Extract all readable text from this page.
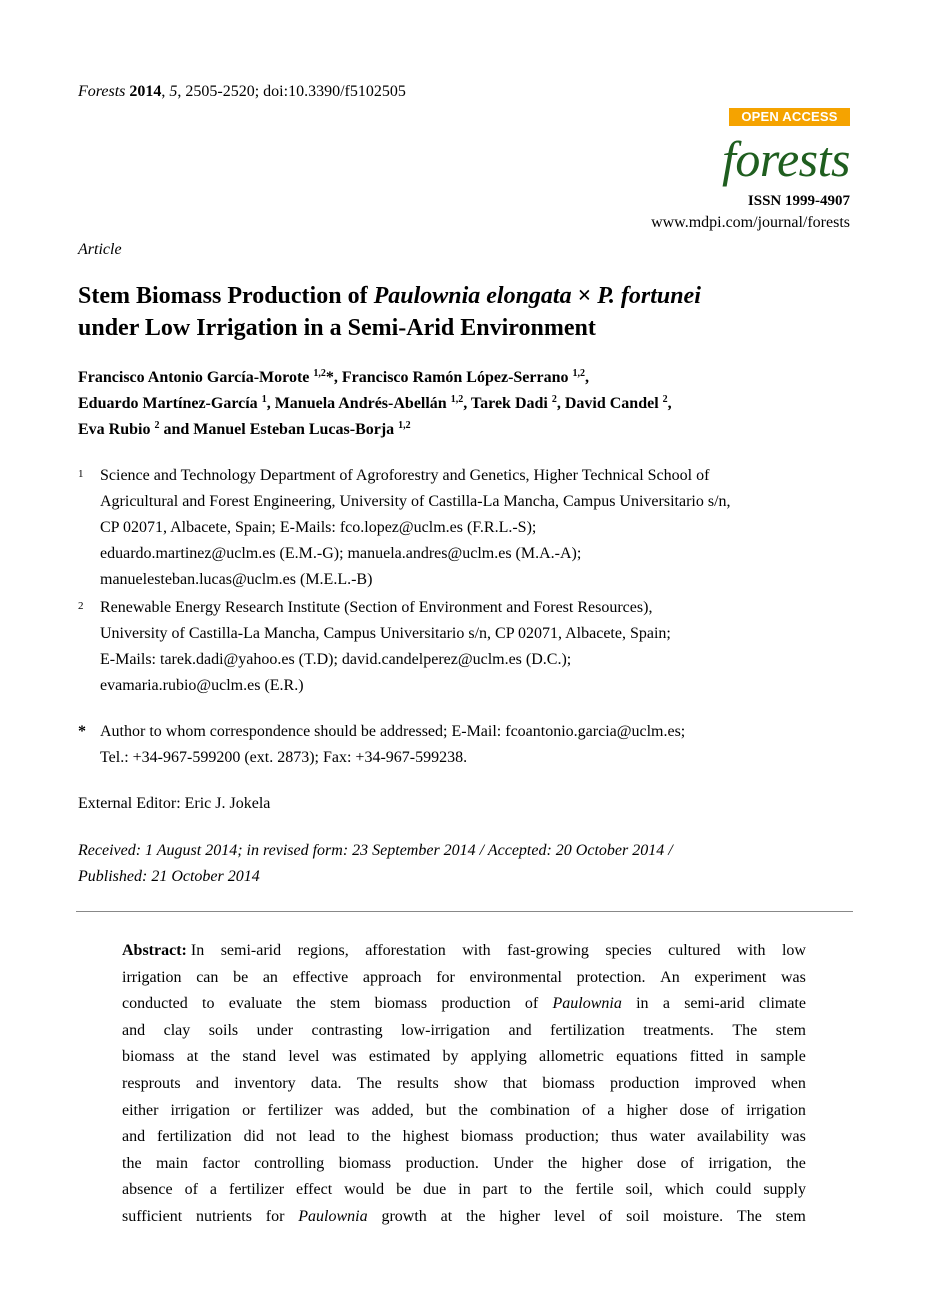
Forests 2014, 5, 2505-2520; doi:10.3390/f5102505
OPEN ACCESS
forests
ISSN 1999-4907
www.mdpi.com/journal/forests
Article
Stem Biomass Production of Paulownia elongata × P. fortunei
under Low Irrigation in a Semi-Arid Environment
Francisco Antonio García-Morote $^{1,2}$*, Francisco Ramón López-Serrano $^{1,2}$,
Eduardo Martínez-García $^1$, Manuela Andrés-Abellán $^{1,2}$, Tarek Dadi $^2$, David Candel $^2$,
Eva Rubio $^2$ and Manuel Esteban Lucas-Borja $^{1,2}$
1 Science and Technology Department of Agroforestry and Genetics, Higher Technical School of
Agricultural and Forest Engineering, University of Castilla-La Mancha, Campus Universitario s/n,
CP 02071, Albacete, Spain; E-Mails: fco.lopez@uclm.es (F.R.L.-S);
eduardo.martinez@uclm.es (E.M.-G); manuela.andres@uclm.es (M.A.-A);
manuelesteban.lucas@uclm.es (M.E.L.-B)
2 Renewable Energy Research Institute (Section of Environment and Forest Resources),
University of Castilla-La Mancha, Campus Universitario s/n, CP 02071, Albacete, Spain;
E-Mails: tarek.dadi@yahoo.es (T.D); david.candelperez@uclm.es (D.C.);
evamaria.rubio@uclm.es (E.R.)
* Author to whom correspondence should be addressed; E-Mail: fcoantonio.garcia@uclm.es;
Tel.: +34-967-599200 (ext. 2873); Fax: +34-967-599238.
External Editor: Eric J. Jokela
Received: 1 August 2014; in revised form: 23 September 2014 / Accepted: 20 October 2014 /
Published: 21 October 2014
Abstract: In semi-arid regions, afforestation with fast-growing species cultured with low
irrigation can be an effective approach for environmental protection. An experiment was
conducted to evaluate the stem biomass production of Paulownia in a semi-arid climate
and clay soils under contrasting low-irrigation and fertilization treatments. The stem
biomass at the stand level was estimated by applying allometric equations fitted in sample
resprouts and inventory data. The results show that biomass production improved when
either irrigation or fertilizer was added, but the combination of a higher dose of irrigation
and fertilization did not lead to the highest biomass production; thus water availability was
the main factor controlling biomass production. Under the higher dose of irrigation, the
absence of a fertilizer effect would be due in part to the fertile soil, which could supply
sufficient nutrients for Paulownia growth at the higher level of soil moisture. The stem
